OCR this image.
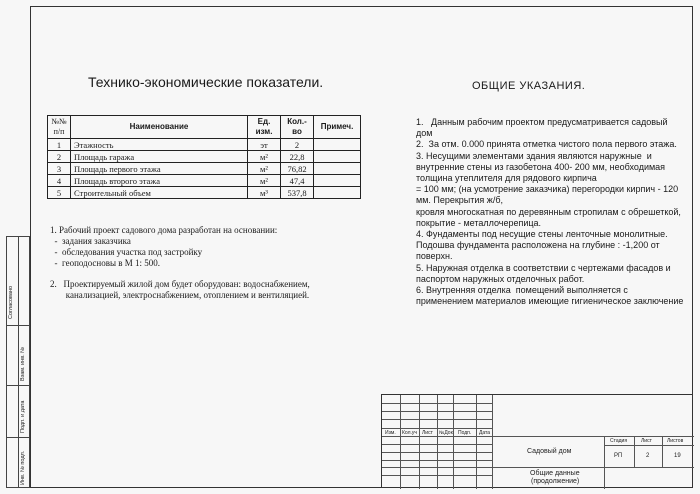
Согласовано
Взам. инв. №
Подп. и дата
Инв. № подл.
Технико-экономические показатели.	ОБЩИЕ УКАЗАНИЯ.
№№ п/п	Наименование	Ед. изм.	Кол.- во	Примеч.
1	Этажность	эт	2	
2	Площадь гаража	м²	22,8	
3	Площадь первого этажа	м²	76,82	
4	Площадь второго этажа	м²	47,4	
5	Строительный объем	м³	537,8	

1. Рабочий проект садового дома разработан на основании:

-  задания заказчика

-  обследования участка под застройку

-  геоподосновы в М 1: 500.

2.   Проектируемый жилой дом будет оборудован: водоснабжением,

канализацией, электроснабжением, отоплением и вентиляцией.

1.   Данным рабочим проектом предусматривается садовый

дом

2.  За отм. 0.000 принята отметка чистого пола первого этажа.

3. Несущими элементами здания являются наружные  и

внутренние стены из газобетона 400- 200 мм, необходимая

толщина утеплителя для рядового кирпича

= 100 мм; (на усмотрение заказчика) перегородки кирпич - 120

мм. Перекрытия ж/б,

кровля многоскатная по деревянным стропилам с обрешеткой,

покрытие - металлочерепица.

4. Фундаменты под несущие стены ленточные монолитные.

Подошва фундамента расположена на глубине : -1,200 от

поверхн.

5. Наружная отделка в соответствии с чертежами фасадов и

паспортом наружных отделочных работ.

6. Внутренняя отделка  помещений выполняется с

применением материалов имеющие гигиеническое заключение

Изм. Кол.уч Лист №Док Подп. Дата
Садовый дом
Общие данные
(продолжение)
Стадия	Лист	Листов
РП	2	19
